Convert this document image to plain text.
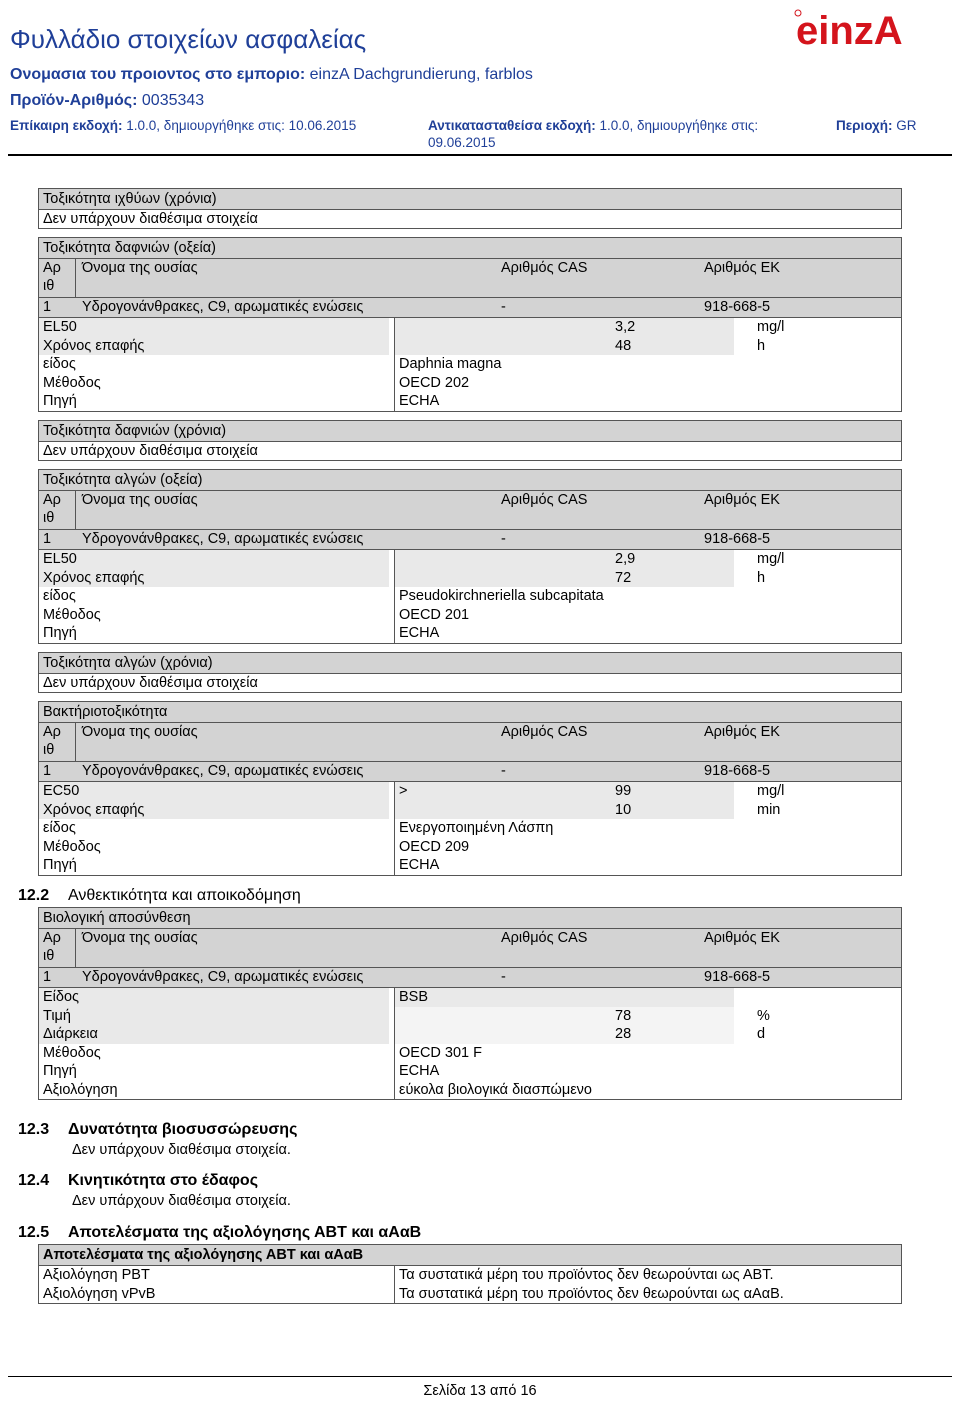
Φυλλάδιο στοιχείων ασφαλείας	einzA
Ονομασια του προιοντος στο εμποριο: einzA Dachgrundierung, farblos
Προϊόν-Αριθμός: 0035343
Επίκαιρη εκδοχή: 1.0.0, δημιουργήθηκε στις: 10.06.2015	Αντικατασταθείσα εκδοχή: 1.0.0, δημιουργήθηκε στις:
09.06.2015
Περιοχή: GR
Τοξικότητα ιχθύων (χρόνια)
Δεν υπάρχουν διαθέσιμα στοιχεία
Τοξικότητα δαφνιών (οξεία)
Αρ
ιθ
Όνομα της ουσίας	Αριθμός CAS	Αριθμός ΕΚ
1 Υδρογονάνθρακες, C9, αρωματικές ενώσεις	-	918-668-5
EL50	3,2	mg/l
Χρόνος επαφής	48	h
είδος	Daphnia magna
Μέθοδος	OECD 202
Πηγή	ECHA
Τοξικότητα δαφνιών (χρόνια)
Δεν υπάρχουν διαθέσιμα στοιχεία
Τοξικότητα αλγών (οξεία)
Αρ
ιθ
Όνομα της ουσίας	Αριθμός CAS	Αριθμός ΕΚ
1 Υδρογονάνθρακες, C9, αρωματικές ενώσεις	-	918-668-5
EL50	2,9	mg/l
Χρόνος επαφής	72	h
είδος	Pseudokirchneriella subcapitata
Μέθοδος	OECD 201
Πηγή	ECHA
Τοξικότητα αλγών (χρόνια)
Δεν υπάρχουν διαθέσιμα στοιχεία
Βακτήριοτοξικότητα
Αρ
ιθ
Όνομα της ουσίας	Αριθμός CAS	Αριθμός ΕΚ
1 Υδρογονάνθρακες, C9, αρωματικές ενώσεις	-	918-668-5
EC50	>	99	mg/l
Χρόνος επαφής	10	min
είδος	Ενεργοποιημένη Λάσπη
Μέθοδος	OECD 209
Πηγή	ECHA
12.2 Ανθεκτικότητα και αποικοδόμηση
Βιολογική αποσύνθεση
Αρ
ιθ
Όνομα της ουσίας	Αριθμός CAS	Αριθμός ΕΚ
1 Υδρογονάνθρακες, C9, αρωματικές ενώσεις	-	918-668-5
Είδος	BSB
Τιμή	78	%
Διάρκεια	28	d
Μέθοδος	OECD 301 F
Πηγή	ECHA
Αξιολόγηση	εύκολα βιολογικά διασπώμενο
12.3 Δυνατότητα βιοσυσσώρευσης
Δεν υπάρχουν διαθέσιμα στοιχεία.
12.4 Κινητικότητα στο έδαφος
Δεν υπάρχουν διαθέσιμα στοιχεία.
12.5 Αποτελέσματα της αξιολόγησης ΑΒΤ και αΑαΒ
Αποτελέσματα της αξιολόγησης ΑΒΤ και αΑαΒ
Αξιολόγηση PBT	Τα συστατικά μέρη του προϊόντος δεν θεωρούνται ως ΑΒΤ.
Αξιολόγηση vPvB	Τα συστατικά μέρη του προϊόντος δεν θεωρούνται ως αΑαΒ.
Σελίδα 13 από 16
